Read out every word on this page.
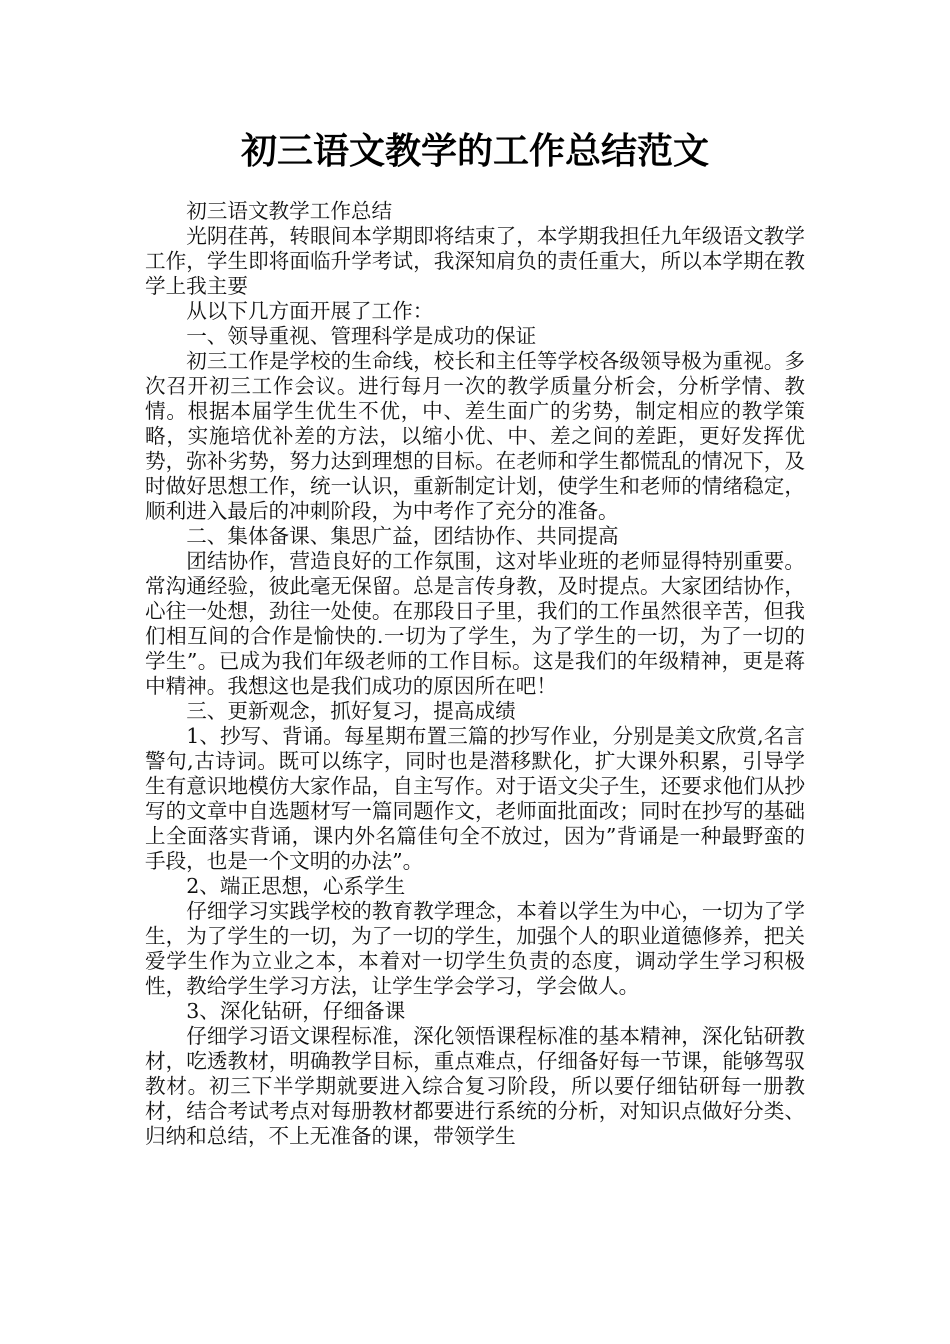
初三语文教学的工作总结范文

初三语文教学工作总结

光阴荏苒，转眼间本学期即将结束了，本学期我担任九年级语文教学工作，学生即将面临升学考试，我深知肩负的责任重大，所以本学期在教学上我主要

从以下几方面开展了工作：

一、领导重视、管理科学是成功的保证

初三工作是学校的生命线，校长和主任等学校各级领导极为重视。多次召开初三工作会议。进行每月一次的教学质量分析会，分析学情、教情。根据本届学生优生不优，中、差生面广的劣势，制定相应的教学策略，实施培优补差的方法，以缩小优、中、差之间的差距，更好发挥优势，弥补劣势，努力达到理想的目标。在老师和学生都慌乱的情况下，及时做好思想工作，统一认识，重新制定计划，使学生和老师的情绪稳定，顺利进入最后的冲刺阶段，为中考作了充分的准备。

二、集体备课、集思广益，团结协作、共同提高

团结协作，营造良好的工作氛围，这对毕业班的老师显得特别重要。常沟通经验，彼此毫无保留。总是言传身教，及时提点。大家团结协作，心往一处想，劲往一处使。在那段日子里，我们的工作虽然很辛苦，但我们相互间的合作是愉快的.一切为了学生，为了学生的一切，为了一切的学生”。已成为我们年级老师的工作目标。这是我们的年级精神，更是蒋中精神。我想这也是我们成功的原因所在吧！

三、更新观念，抓好复习，提高成绩

1、抄写、背诵。每星期布置三篇的抄写作业，分别是美文欣赏,名言警句,古诗词。既可以练字，同时也是潜移默化，扩大课外积累，引导学生有意识地模仿大家作品，自主写作。对于语文尖子生，还要求他们从抄写的文章中自选题材写一篇同题作文，老师面批面改；同时在抄写的基础上全面落实背诵，课内外名篇佳句全不放过，因为”背诵是一种最野蛮的手段，也是一个文明的办法”。

2、端正思想，心系学生

仔细学习实践学校的教育教学理念，本着以学生为中心，一切为了学生，为了学生的一切，为了一切的学生，加强个人的职业道德修养，把关爱学生作为立业之本，本着对一切学生负责的态度，调动学生学习积极性，教给学生学习方法，让学生学会学习，学会做人。

3、深化钻研，仔细备课

仔细学习语文课程标准，深化领悟课程标准的基本精神，深化钻研教材，吃透教材，明确教学目标，重点难点，仔细备好每一节课，能够驾驭教材。初三下半学期就要进入综合复习阶段，所以要仔细钻研每一册教材，结合考试考点对每册教材都要进行系统的分析，对知识点做好分类、归纳和总结，不上无准备的课，带领学生
